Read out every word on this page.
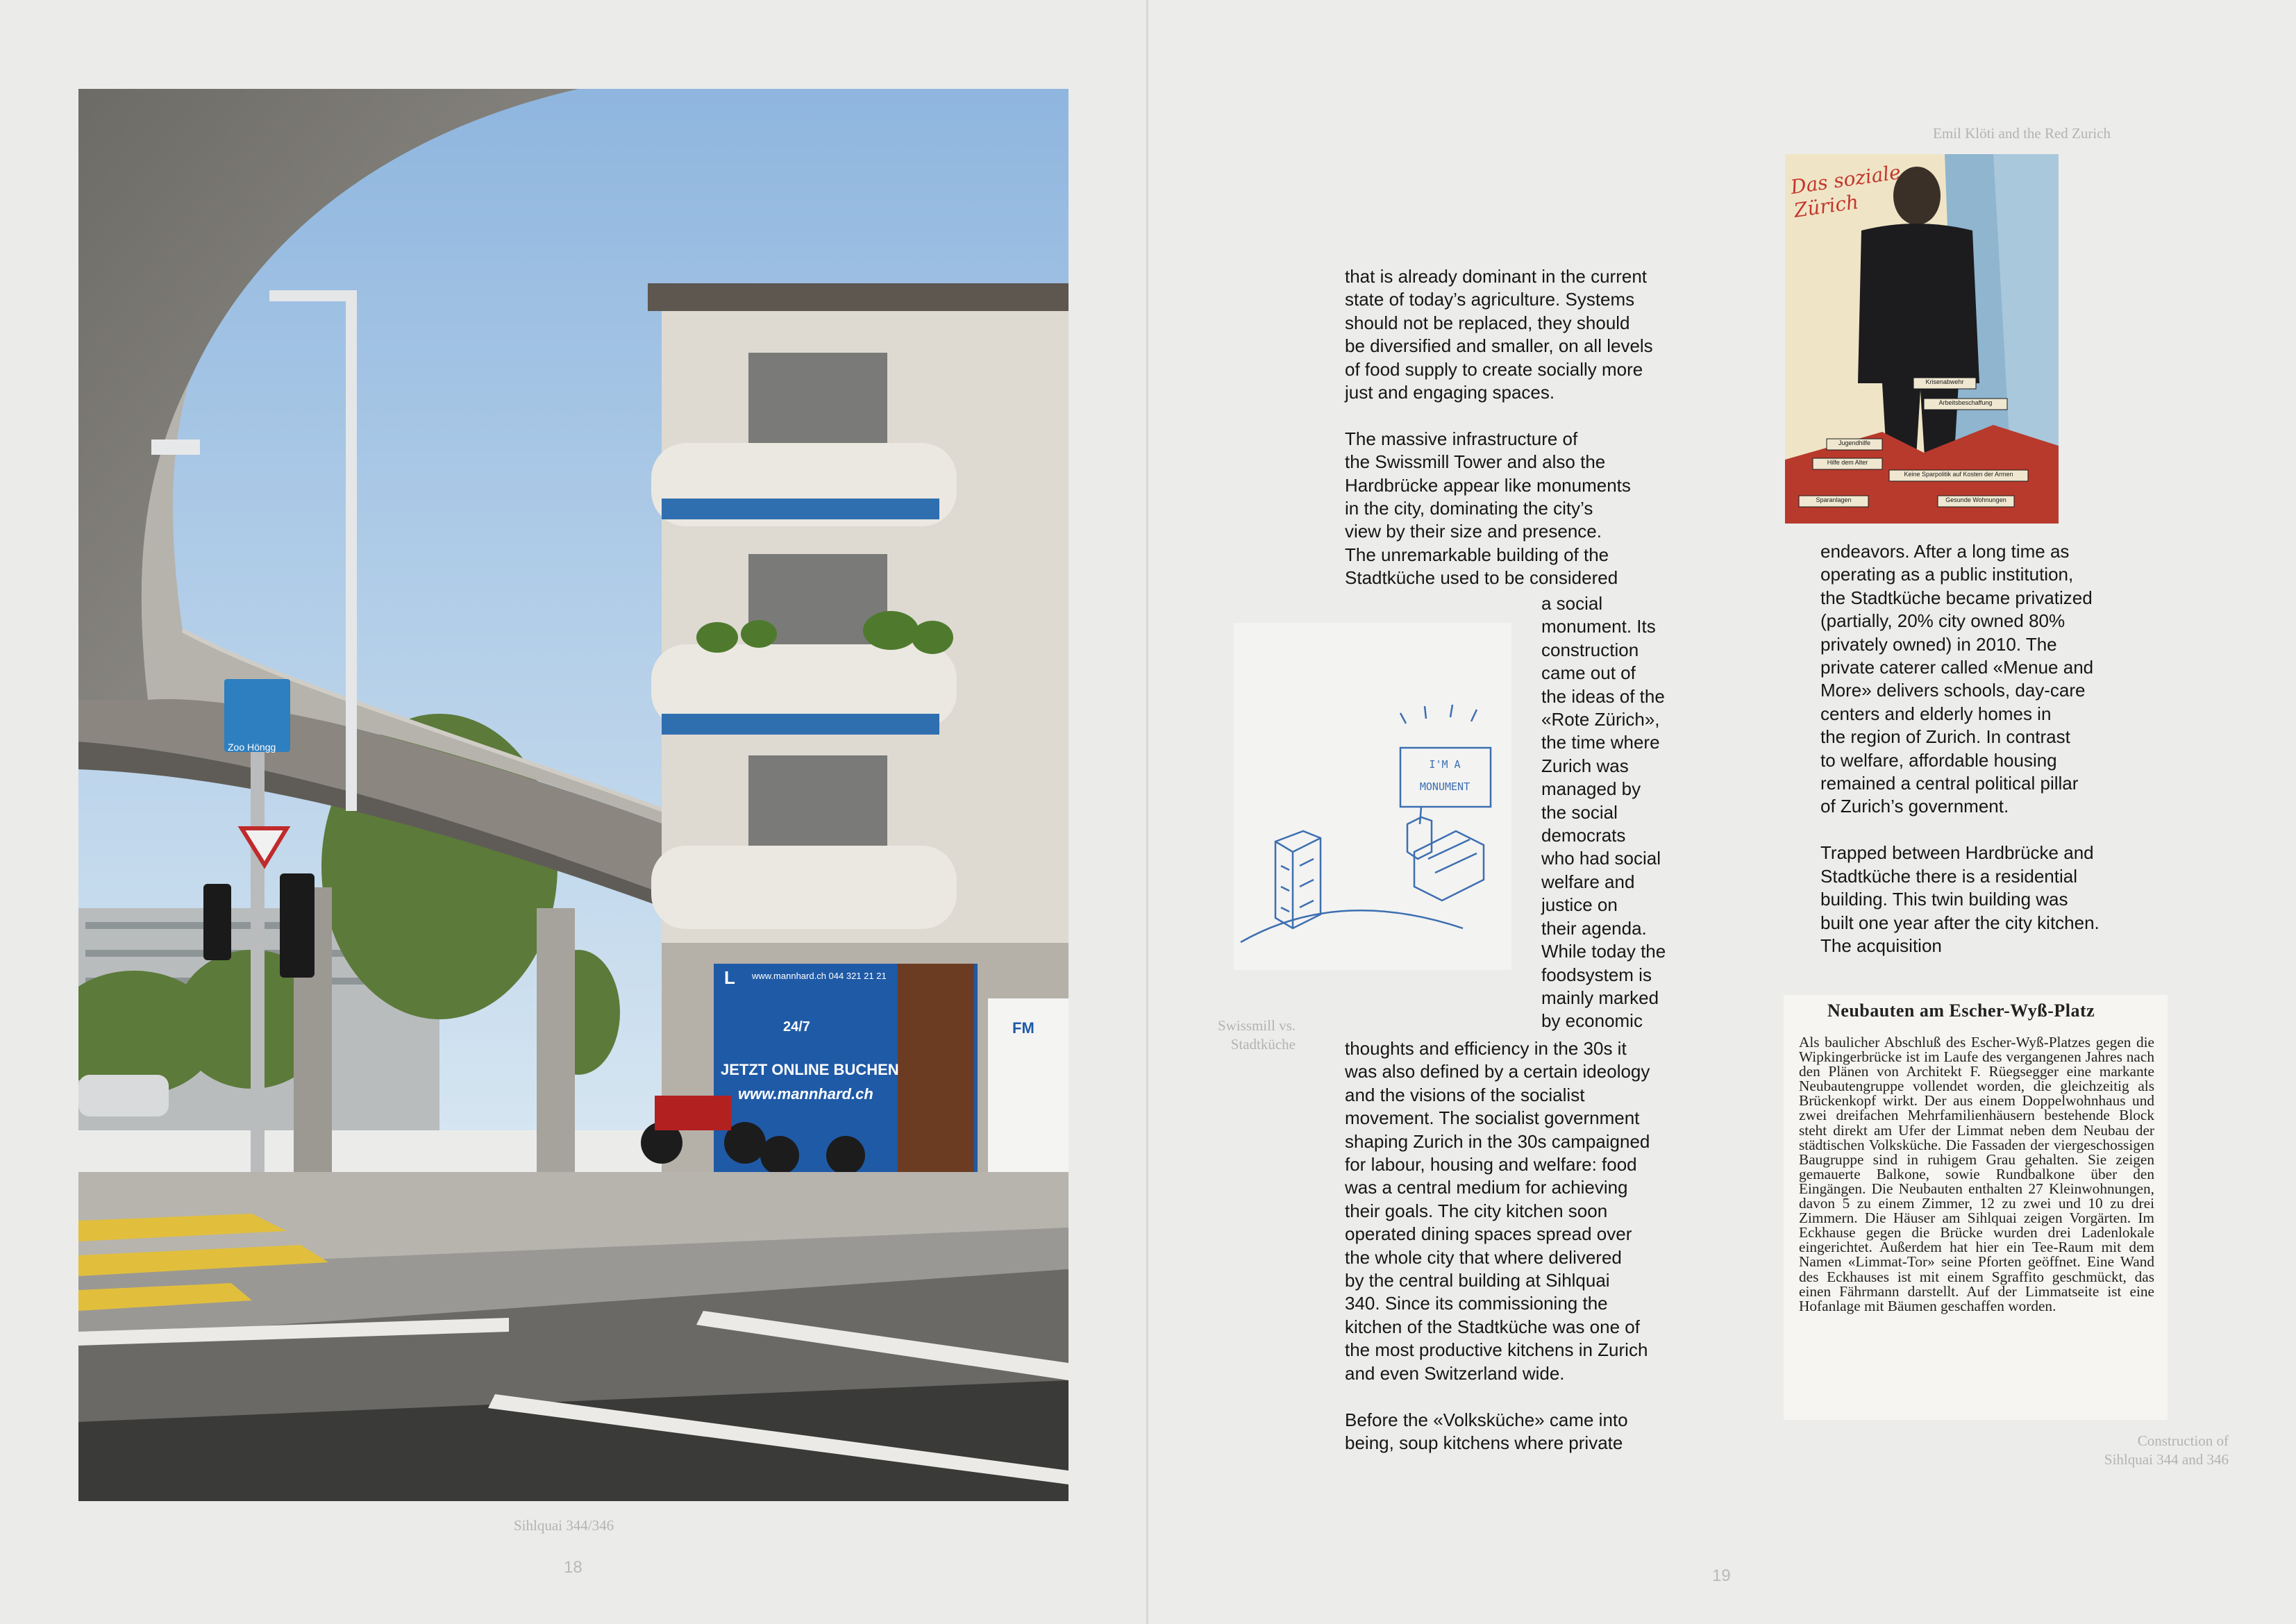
Zoo Höngg
www.mannhard.ch 044 321 21 21
L
24/7
JETZT ONLINE BUCHEN
www.mannhard.ch
FM
Sihlquai 344/346
18
Emil Klöti and the Red Zurich
19
Das soziale Zürich
Krisenabwehr
Arbeitsbeschaffung
Jugendhilfe
Hilfe dem Alter
Keine Sparpolitik auf Kosten der Armen
Sparanlagen	Gesunde Wohnungen
I'M A MONUMENT
Swissmill vs.
Stadtküche

that is already dominant in the current
state of today’s agriculture. Systems
should not be replaced, they should
be diversified and smaller, on all levels
of food supply to create socially more
just and engaging spaces.

The massive infrastructure of
the Swissmill Tower and also the
Hardbrücke appear like monuments
in the city, dominating the city’s
view by their size and presence.
The unremarkable building of the
Stadtküche used to be considered

a social
monument. Its
construction
came out of
the ideas of the
«Rote Zürich»,
the time where
Zurich was
managed by
the social
democrats
who had social
welfare and
justice on
their agenda.
While today the
foodsystem is
mainly marked
by economic

thoughts and efficiency in the 30s it
was also defined by a certain ideology
and the visions of the socialist
movement. The socialist government
shaping Zurich in the 30s campaigned
for labour, housing and welfare: food
was a central medium for achieving
their goals. The city kitchen soon
operated dining spaces spread over
the whole city that where delivered
by the central building at Sihlquai
340. Since its commissioning the
kitchen of the Stadtküche was one of
the most productive kitchens in Zurich
and even Switzerland wide.

Before the «Volksküche» came into
being, soup kitchens where private

endeavors. After a long time as
operating as a public institution,
the Stadtküche became privatized
(partially, 20% city owned 80%
privately owned) in 2010. The
private caterer called «Menue and
More» delivers schools, day-care
centers and elderly homes in
the region of Zurich. In contrast
to welfare, affordable housing
remained a central political pillar
of Zurich’s government.

Trapped between Hardbrücke and
Stadtküche there is a residential
building. This twin building was
built one year after the city kitchen.
The acquisition

Neubauten am Escher-Wyß-Platz

Als baulicher Abschluß des Escher-Wyß-Platzes gegen die Wipkingerbrücke ist im Laufe des vergangenen Jahres nach den Plänen von Architekt F. Rüegsegger eine markante Neubautengruppe vollendet worden, die gleichzeitig als Brückenkopf wirkt. Der aus einem Doppelwohnhaus und zwei dreifachen Mehrfamilienhäusern bestehende Block steht direkt am Ufer der Limmat neben dem Neubau der städtischen Volksküche. Die Fassaden der viergeschossigen Baugruppe sind in ruhigem Grau gehalten. Sie zeigen gemauerte Balkone, sowie Rundbalkone über den Eingängen. Die Neubauten enthalten 27 Kleinwohnungen, davon 5 zu einem Zimmer, 12 zu zwei und 10 zu drei Zimmern. Die Häuser am Sihlquai zeigen Vorgärten. Im Eckhause gegen die Brücke wurden drei Ladenlokale eingerichtet. Außerdem hat hier ein Tee-Raum mit dem Namen «Limmat-Tor» seine Pforten geöffnet. Eine Wand des Eckhauses ist mit einem Sgraffito geschmückt, das einen Fährmann darstellt. Auf der Limmatseite ist eine Hofanlage mit Bäumen geschaffen worden.

Construction of
Sihlquai 344 and 346
